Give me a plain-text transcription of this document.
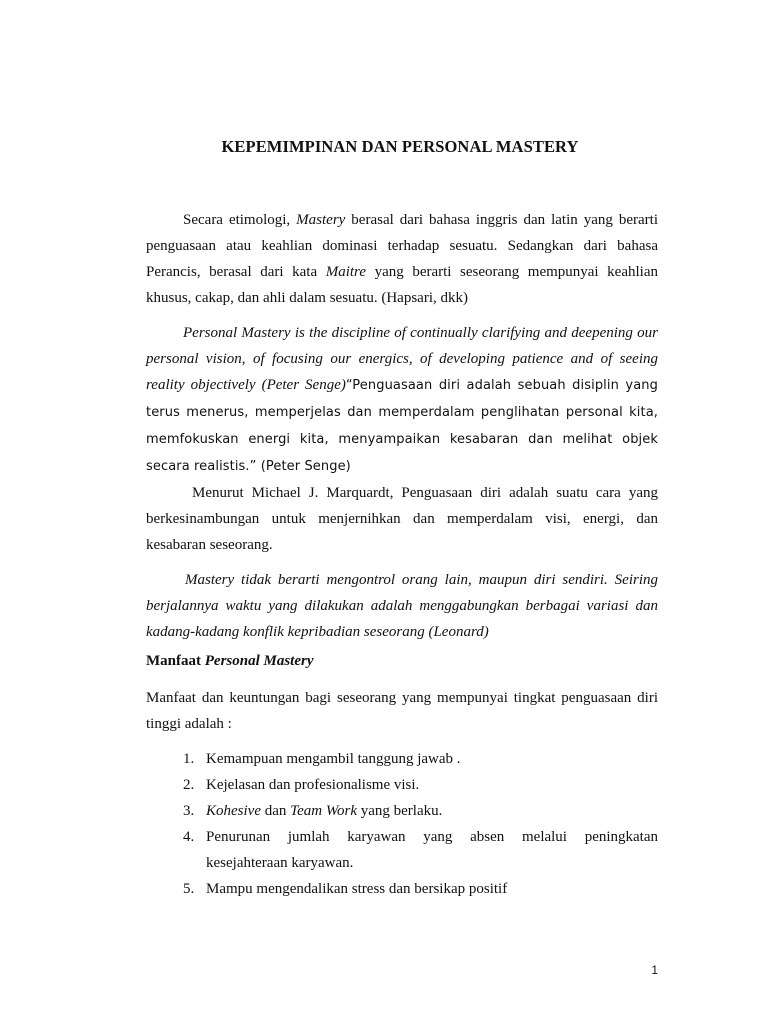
KEPEMIMPINAN DAN PERSONAL MASTERY
Secara etimologi, Mastery berasal dari bahasa inggris dan latin yang berarti penguasaan atau keahlian dominasi terhadap sesuatu. Sedangkan dari bahasa Perancis, berasal dari kata Maitre yang berarti seseorang mempunyai keahlian khusus, cakap, dan ahli dalam sesuatu. (Hapsari, dkk)
Personal Mastery is the discipline of continually clarifying and deepening our personal vision, of focusing our energics, of developing patience and of seeing reality objectively (Peter Senge)“Penguasaan diri adalah sebuah disiplin yang terus menerus, memperjelas dan memperdalam penglihatan personal kita, memfokuskan energi kita, menyampaikan kesabaran dan melihat objek secara realistis.” (Peter Senge)
Menurut Michael J. Marquardt, Penguasaan diri adalah suatu cara yang berkesinambungan untuk menjernihkan dan memperdalam visi, energi, dan kesabaran seseorang.
Mastery tidak berarti mengontrol orang lain, maupun diri sendiri. Seiring berjalannya waktu yang dilakukan adalah menggabungkan berbagai variasi dan kadang-kadang konflik kepribadian seseorang (Leonard)
Manfaat Personal Mastery
Manfaat dan keuntungan bagi seseorang yang mempunyai tingkat penguasaan diri tinggi adalah :
1. Kemampuan mengambil tanggung jawab .
2. Kejelasan dan profesionalisme visi.
3. Kohesive dan Team Work yang berlaku.
4. Penurunan jumlah karyawan yang absen melalui peningkatan kesejahteraan karyawan.
5. Mampu mengendalikan stress dan bersikap positif
1
